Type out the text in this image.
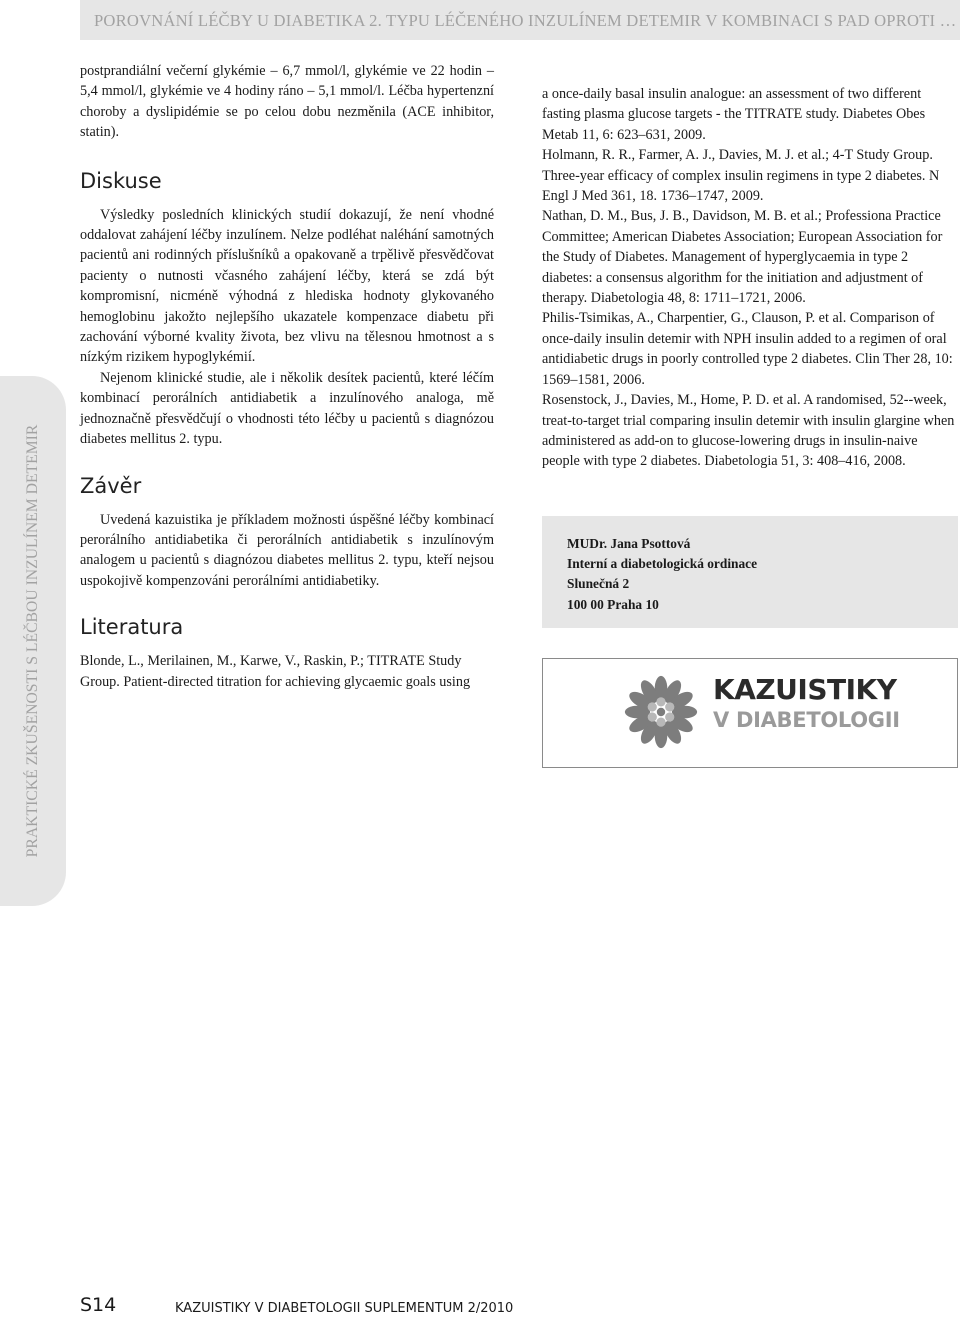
POROVNÁNÍ LÉČBY U DIABETIKA 2. TYPU LÉČENÉHO INZULÍNEM DETEMIR V KOMBINACI S PAD OPROTI …
PRAKTICKÉ ZKUŠENOSTI S LÉČBOU INZULÍNEM DETEMIR

postprandiální večerní glykémie – 6,7 mmol/l, glykémie ve 22 hodin – 5,4 mmol/l, glykémie ve 4 hodiny ráno – 5,1 mmol/l. Léčba hypertenzní choroby a dyslipidémie se po celou dobu nezměnila (ACE inhibitor, statin).

Diskuse

Výsledky posledních klinických studií dokazují, že není vhodné oddalovat zahájení léčby inzulínem. Nelze podléhat naléhání samotných pacientů ani rodinných příslušníků a opakovaně a trpělivě přesvědčovat pacienty o nutnosti včasného zahájení léčby, která se zdá být kompromisní, nicméně výhodná z hlediska hodnoty glykovaného hemoglobinu jakožto nejlepšího ukazatele kompenzace diabetu při zachování výborné kvality života, bez vlivu na tělesnou hmotnost a s nízkým rizikem hypoglykémií.

Nejenom klinické studie, ale i několik desítek pacientů, které léčím kombinací perorálních antidiabetik a inzulínového analoga, mě jednoznačně přesvědčují o vhodnosti této léčby u pacientů s diagnózou diabetes mellitus 2. typu.

Závěr

Uvedená kazuistika je příkladem možnosti úspěšné léčby kombinací perorálního antidiabetika či perorálních antidiabetik s inzulínovým analogem u pacientů s diagnózou diabetes mellitus 2. typu, kteří nejsou uspokojivě kompenzováni perorálními antidiabetiky.

Literatura

Blonde, L., Merilainen, M., Karwe, V., Raskin, P.; TITRATE Study Group. Patient-directed titration for achieving glycaemic goals using

a once-daily basal insulin analogue: an assessment of two different fasting plasma glucose targets - the TITRATE study. Diabetes Obes Metab 11, 6: 623–631, 2009.

Holmann, R. R., Farmer, A. J., Davies, M. J. et al.; 4-T Study Group. Three-year efficacy of complex insulin regimens in type 2 diabetes. N Engl J Med 361, 18. 1736–1747, 2009.

Nathan, D. M., Bus, J. B., Davidson, M. B. et al.; Professiona Practice Committee; American Diabetes Association; European Association for the Study of Diabetes. Management of hyperglycaemia in type 2 diabetes: a consensus algorithm for the initiation and adjustment of therapy. Diabetologia 48, 8: 1711–1721, 2006.

Philis-Tsimikas, A., Charpentier, G., Clauson, P. et al. Comparison of once-daily insulin detemir with NPH insulin added to a regimen of oral antidiabetic drugs in poorly controlled type 2 diabetes. Clin Ther 28, 10: 1569–1581, 2006.

Rosenstock, J., Davies, M., Home, P. D. et al. A randomised, 52--week, treat-to-target trial comparing insulin detemir with insulin glargine when administered as add-on to glucose-lowering drugs in insulin-naive people with type 2 diabetes. Diabetologia 51, 3: 408–416, 2008.

MUDr. Jana Psottová

Interní a diabetologická ordinace

Slunečná 2

100 00 Praha 10

KAZUISTIKY
V DIABETOLOGII
S14	KAZUISTIKY V DIABETOLOGII SUPLEMENTUM 2/2010
